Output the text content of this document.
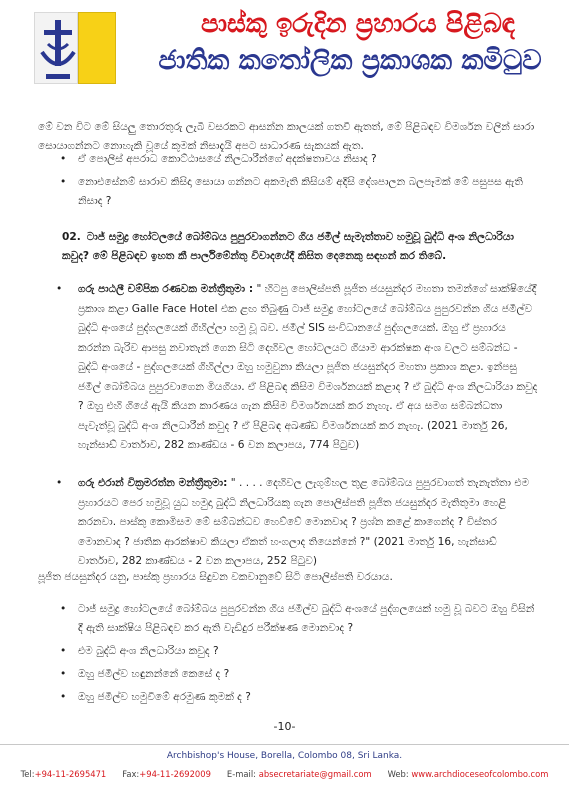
පාස්කු ඉරුදින ප්‍රහාරය පිළිබඳ
ජාතික කතෝලික ප්‍රකාශක කමිටුව
මේ වන විට මේ සියලු තොරතුරු ලැබී වසරකට ආසන්න කාලයක් ගතවී ඇතත්, මේ පිළිබඳව විමර්ශන වලින් සාරා සොයාගන්නට නොහැකි වූයේ කුමක් නිසාදැයි අපට සාධාරණ සැකයක් ඇත.
• ඒ පොලිස් අපරාධ කොට්ඨාසයේ නිලධාරීන්ගේ අදක්ෂතාවය නිසාද ?
• නොඑසේනම් සාරාව කිසිදා සොයා ගන්නට අකමැති කිසියම් අදිසි දේශපාලන බලපෑමක් මේ පසුපස ඇති නිසාද ?
02. ටාජ් සමුද්‍ර හෝටලයේ බෝම්බය පුපුරවාගන්නට ගිය ජමීල් සැමැත්තාව හමුවූ බුද්ධි අංශ නිලධාරියා කවුද? මේ පිළිබඳව ඉහත කී පාර්ලිමේන්තු විවාදයේදී කිසිත දෙනෙකු සඳහන් කර තිබේ.
• ගරු පාඨලී චම්පික රණවක මන්ත්‍රීතුමා : " හිටපු පොලිස්පති පූජිත ජයසුන්දර මහතා තමන්ගේ සාක්ෂියේදී ප්‍රකාශ කළා Galle Face Hotel එක ළඟ තිබුණු ටාජ් සමුද්‍ර හෝටලයේ බෝම්බය පුපුරවන්න ගිය ජමීල්ව බුද්ධි අංශයේ පුද්ගලයෙක් ගිහිල්ලා හමු වූ බව. ජමීල් SIS සංවිධානයේ පුද්ගලයෙක්. ඔහු ඒ ප්‍රහාරය කරන්න බැරිව ආපසු නවාතැන් ගෙන සිටි දෙහිවල හෝටලයට ගියාම ආරක්ෂක අංශ වලට සම්බන්ධ - බුද්ධි අංශයේ - පුද්ගලයෙක් ගිහිල්ලා ඔහු හමුවුනා කියලා පූජිත ජයසුන්දර මහතා ප්‍රකාශ කළා. ඉන්පසු ජමීල් බෝම්බය පුපුරවාගෙන මියගියා. ඒ පිළිබඳ කිසිම විමර්ශනයක් කළාද ? ඒ බුද්ධි අංශ නිලධාරියා කවුද ? ඔහු එහි ගියේ ඇයි කියන කාරණය ගැන කිසිම විමර්ශනයක් කර නැහැ. ඒ අය සමග සම්බන්ධතා පැවැත්වූ බුද්ධි අංශ නිලධාරීන් කවුද ? ඒ පිළිබඳ අඛණ්ඩ විමර්ශනයක් කර නැහැ. (2021 මාර්තු 26, හැන්සාඩ් වාර්තාව, 282 කාණ්ඩය - 6 වන කලාපය, 774 පිටුව)
• ගරු එරාන් වික්‍රමරත්න මන්ත්‍රීතුමා: " . . . . දෙහිවල ලැගුම්හල තුළ බෝම්බය පුපුරවාගත් තැනැත්තා එම ප්‍රහාරයට පෙර හමුවූ යුධ හමුදා බුද්ධි නිලධාරියකු ගැන පොලිස්පති පූජිත ජයසුන්දර මැතිතුමා හෙළි කරනවා. පාස්කු කොමිසම මේ සම්බන්ධව හෙව්වේ මොනවාද ? ප්‍රශ්න කළේ කාගෙන්ද ? විස්තර මොනවාද ? ජාතික ආරක්ෂාව කියලා ඒකත් හංගලාද තියෙන්නේ ?" (2021 මාර්තු 16, හැන්සාඩ් වාර්තාව, 282 කාණ්ඩය - 2 වන කලාපය, 252 පිටුව)
පූජිත ජයසුන්දර යනු, පාස්කු ප්‍රහාරය සිදුවන වකවානුවේ සිටි පොලිස්පති වරයාය.
• ටාජ් සමුද්‍ර හෝටලයේ බෝම්බය පුපුරවන්න ගිය ජමීල්ව බුද්ධි අංශයේ පුද්ගලයෙක් හමු වූ බවට ඔහු විසින් දී ඇති සාක්ෂිය පිළිබඳව කර ඇති වැඩිදුර පරීක්ෂණ මොනවාද ?
• එම බුද්ධි අංශ නිලධාරියා කවුද ?
• ඔහු ජමීල්ව හඳුනන්නේ කෙසේ ද ?
• ඔහු ජමීල්ව හමුවීමේ අරමුණ කුමක් ද ?
-10-
Archbishop's House, Borella, Colombo 08, Sri Lanka.
Tel:+94-11-2695471 Fax:+94-11-2692009 E-mail: absecretariate@gmail.com Web: www.archdioceseofcolombo.com
